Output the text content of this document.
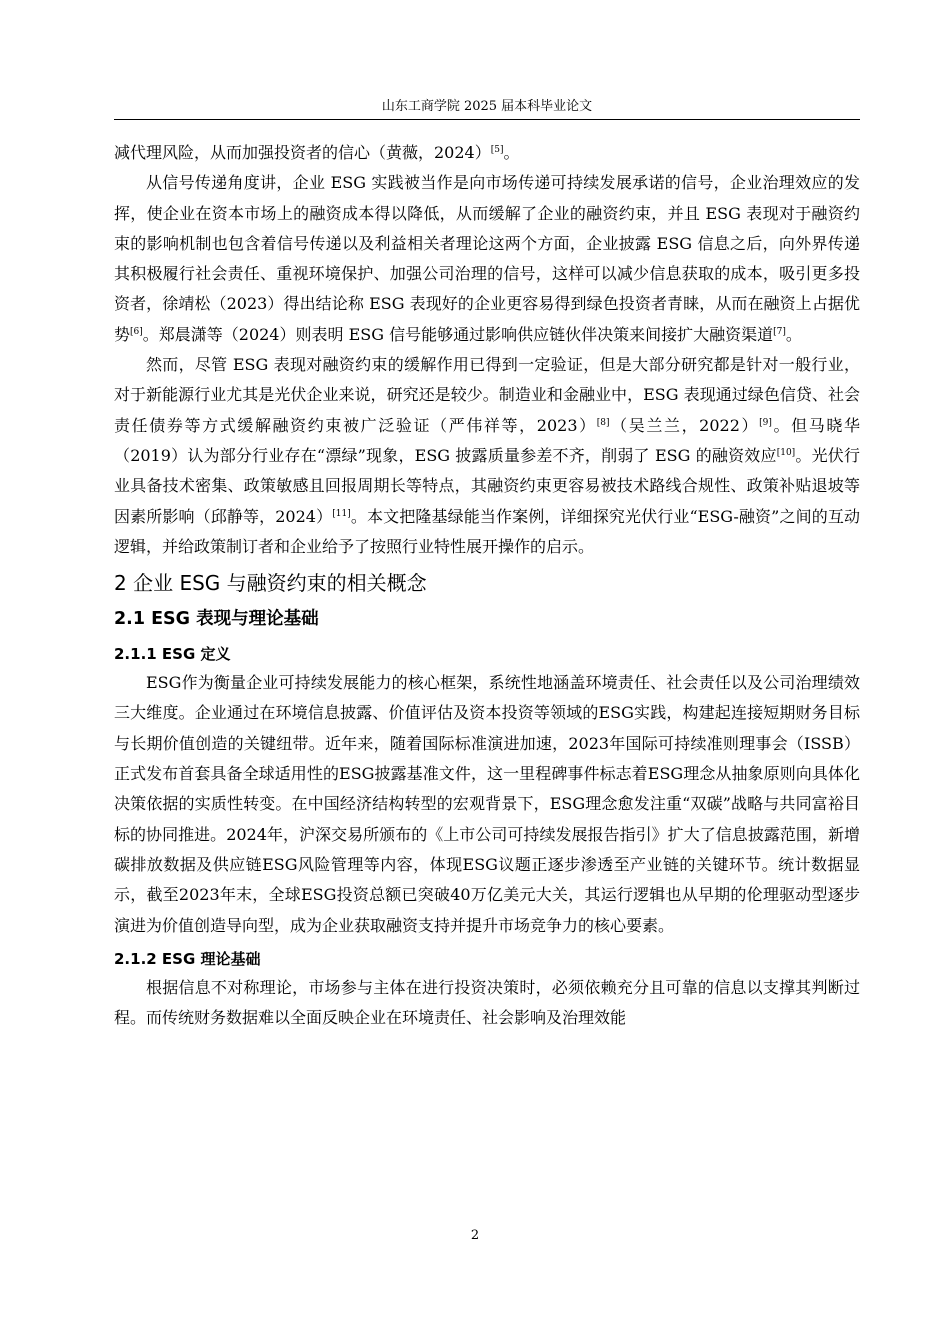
山东工商学院 2025 届本科毕业论文

减代理风险，从而加强投资者的信心（黄薇，2024）[5]。

从信号传递角度讲，企业 ESG 实践被当作是向市场传递可持续发展承诺的信号，企业治理效应的发挥，使企业在资本市场上的融资成本得以降低，从而缓解了企业的融资约束，并且 ESG 表现对于融资约束的影响机制也包含着信号传递以及利益相关者理论这两个方面，企业披露 ESG 信息之后，向外界传递其积极履行社会责任、重视环境保护、加强公司治理的信号，这样可以减少信息获取的成本，吸引更多投资者，徐靖松（2023）得出结论称 ESG 表现好的企业更容易得到绿色投资者青睐，从而在融资上占据优势[6]。郑晨潇等（2024）则表明 ESG 信号能够通过影响供应链伙伴决策来间接扩大融资渠道[7]。

然而，尽管 ESG 表现对融资约束的缓解作用已得到一定验证，但是大部分研究都是针对一般行业，对于新能源行业尤其是光伏企业来说，研究还是较少。制造业和金融业中，ESG 表现通过绿色信贷、社会责任债券等方式缓解融资约束被广泛验证（严伟祥等，2023）[8]（吴兰兰，2022）[9]。但马晓华（2019）认为部分行业存在“漂绿”现象，ESG 披露质量参差不齐，削弱了 ESG 的融资效应[10]。光伏行业具备技术密集、政策敏感且回报周期长等特点，其融资约束更容易被技术路线合规性、政策补贴退坡等因素所影响（邱静等，2024）[11]。本文把隆基绿能当作案例，详细探究光伏行业“ESG-融资”之间的互动逻辑，并给政策制订者和企业给予了按照行业特性展开操作的启示。

2 企业 ESG 与融资约束的相关概念
2.1 ESG 表现与理论基础
2.1.1 ESG 定义

ESG作为衡量企业可持续发展能力的核心框架，系统性地涵盖环境责任、社会责任以及公司治理绩效三大维度。企业通过在环境信息披露、价值评估及资本投资等领域的ESG实践，构建起连接短期财务目标与长期价值创造的关键纽带。近年来，随着国际标准演进加速，2023年国际可持续准则理事会（ISSB）正式发布首套具备全球适用性的ESG披露基准文件，这一里程碑事件标志着ESG理念从抽象原则向具体化决策依据的实质性转变。在中国经济结构转型的宏观背景下，ESG理念愈发注重“双碳”战略与共同富裕目标的协同推进。2024年，沪深交易所颁布的《上市公司可持续发展报告指引》扩大了信息披露范围，新增碳排放数据及供应链ESG风险管理等内容，体现ESG议题正逐步渗透至产业链的关键环节。统计数据显示，截至2023年末，全球ESG投资总额已突破40万亿美元大关，其运行逻辑也从早期的伦理驱动型逐步演进为价值创造导向型，成为企业获取融资支持并提升市场竞争力的核心要素。

2.1.2 ESG 理论基础

根据信息不对称理论，市场参与主体在进行投资决策时，必须依赖充分且可靠的信息以支撑其判断过程。而传统财务数据难以全面反映企业在环境责任、社会影响及治理效能

2
